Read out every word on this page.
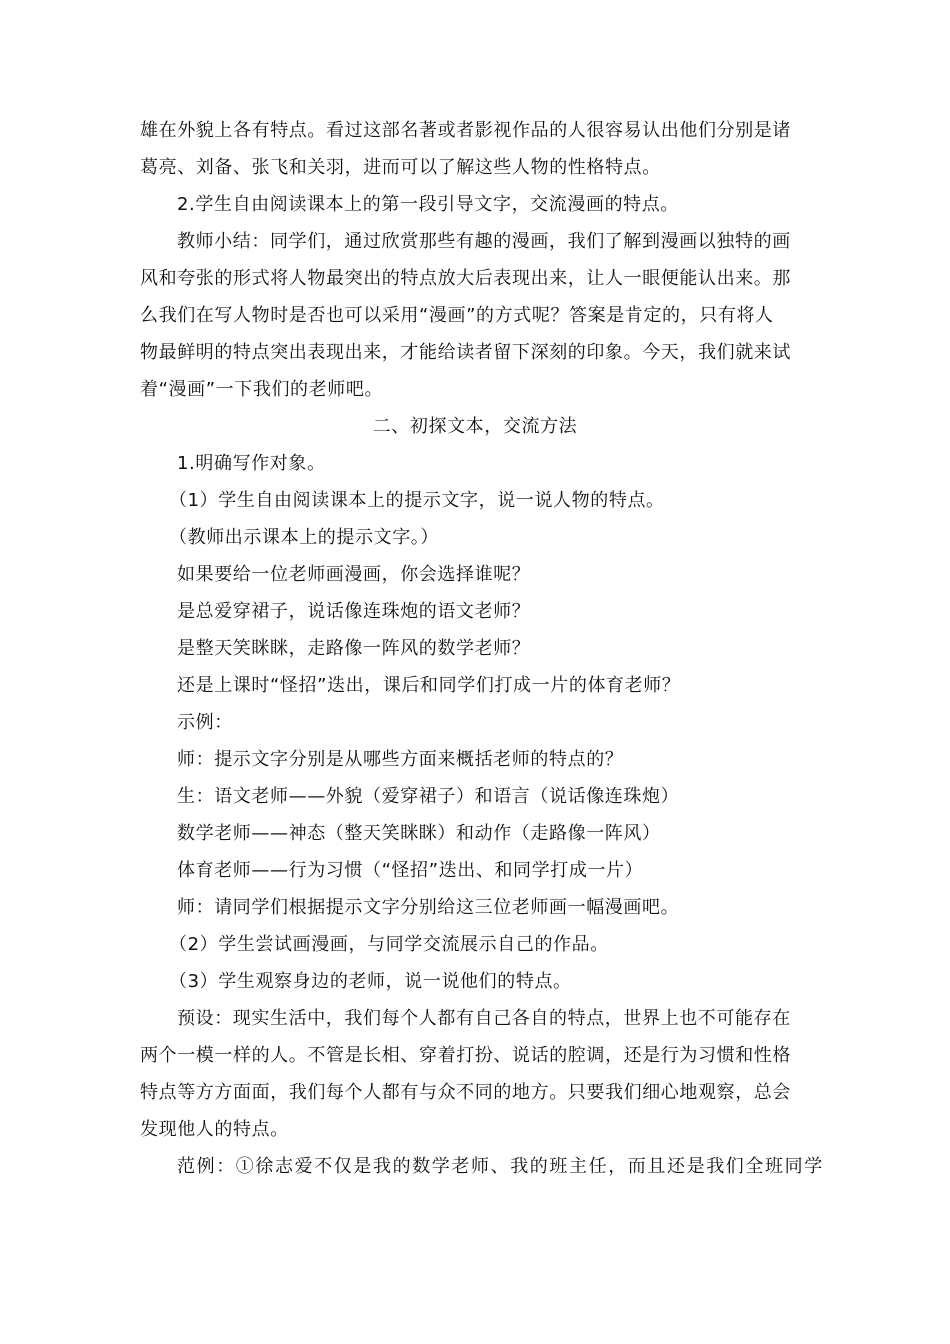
雄在外貌上各有特点。看过这部名著或者影视作品的人很容易认出他们分别是诸
葛亮、刘备、张飞和关羽，进而可以了解这些人物的性格特点。
2.学生自由阅读课本上的第一段引导文字，交流漫画的特点。
教师小结：同学们，通过欣赏那些有趣的漫画，我们了解到漫画以独特的画
风和夸张的形式将人物最突出的特点放大后表现出来，让人一眼便能认出来。那
么我们在写人物时是否也可以采用“漫画”的方式呢？答案是肯定的，只有将人
物最鲜明的特点突出表现出来，才能给读者留下深刻的印象。今天，我们就来试
着“漫画”一下我们的老师吧。
二、初探文本，交流方法
1.明确写作对象。
（1）学生自由阅读课本上的提示文字，说一说人物的特点。
（教师出示课本上的提示文字。）
如果要给一位老师画漫画，你会选择谁呢？
是总爱穿裙子，说话像连珠炮的语文老师？
是整天笑眯眯，走路像一阵风的数学老师？
还是上课时“怪招”迭出，课后和同学们打成一片的体育老师？
示例：
师：提示文字分别是从哪些方面来概括老师的特点的？
生：语文老师——外貌（爱穿裙子）和语言（说话像连珠炮）
数学老师——神态（整天笑眯眯）和动作（走路像一阵风）
体育老师——行为习惯（“怪招”迭出、和同学打成一片）
师：请同学们根据提示文字分别给这三位老师画一幅漫画吧。
（2）学生尝试画漫画，与同学交流展示自己的作品。
（3）学生观察身边的老师，说一说他们的特点。
预设：现实生活中，我们每个人都有自己各自的特点，世界上也不可能存在
两个一模一样的人。不管是长相、穿着打扮、说话的腔调，还是行为习惯和性格
特点等方方面面，我们每个人都有与众不同的地方。只要我们细心地观察，总会
发现他人的特点。
范例：①徐志爱不仅是我的数学老师、我的班主任，而且还是我们全班同学
